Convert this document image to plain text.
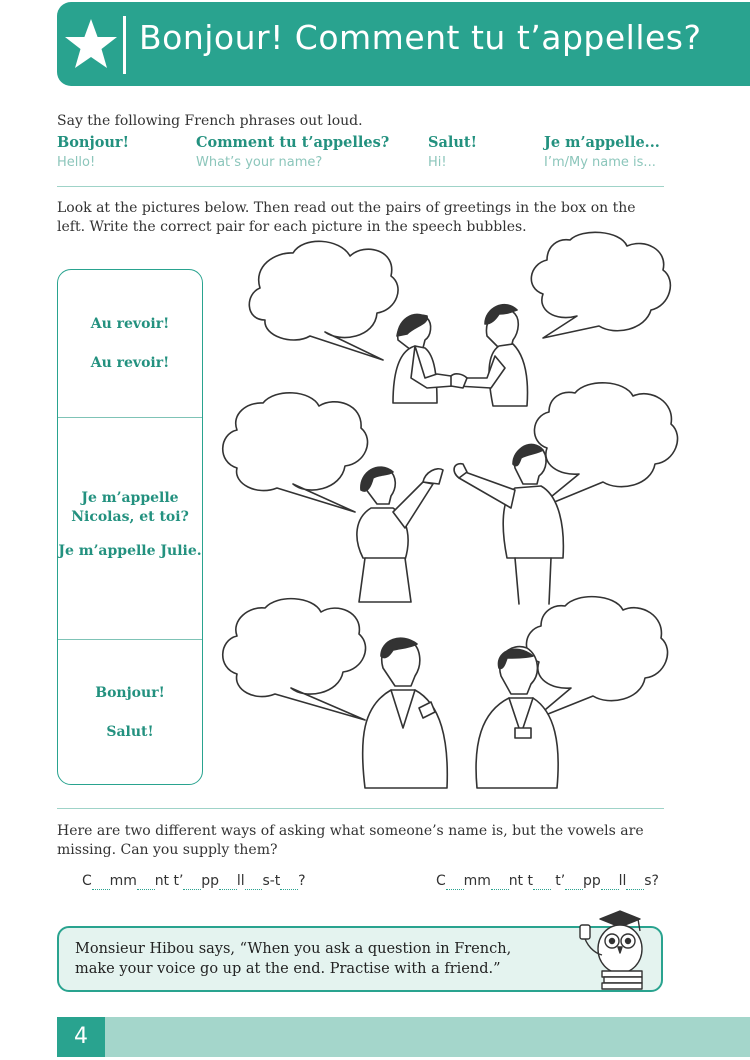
Bonjour! Comment tu t’appelles?
Say the following French phrases out loud.
Bonjour!
Hello!
Comment tu t’appelles?
What’s your name?
Salut!
Hi!
Je m’appelle...
I’m/My name is...
Look at the pictures below. Then read out the pairs of greetings in the box on the left. Write the correct pair for each picture in the speech bubbles.
Au revoir!
Au revoir!
Je m’appelle
Nicolas, et toi?
Je m’appelle Julie.
Bonjour!
Salut!
Here are two different ways of asking what someone’s name is, but the vowels are missing. Can you supply them?
C mm nt t’ pp ll s-t ?	C mm nt t     t’ pp ll s?
Monsieur Hibou says, “When you ask a question in French, make your voice go up at the end. Practise with a friend.”
4
